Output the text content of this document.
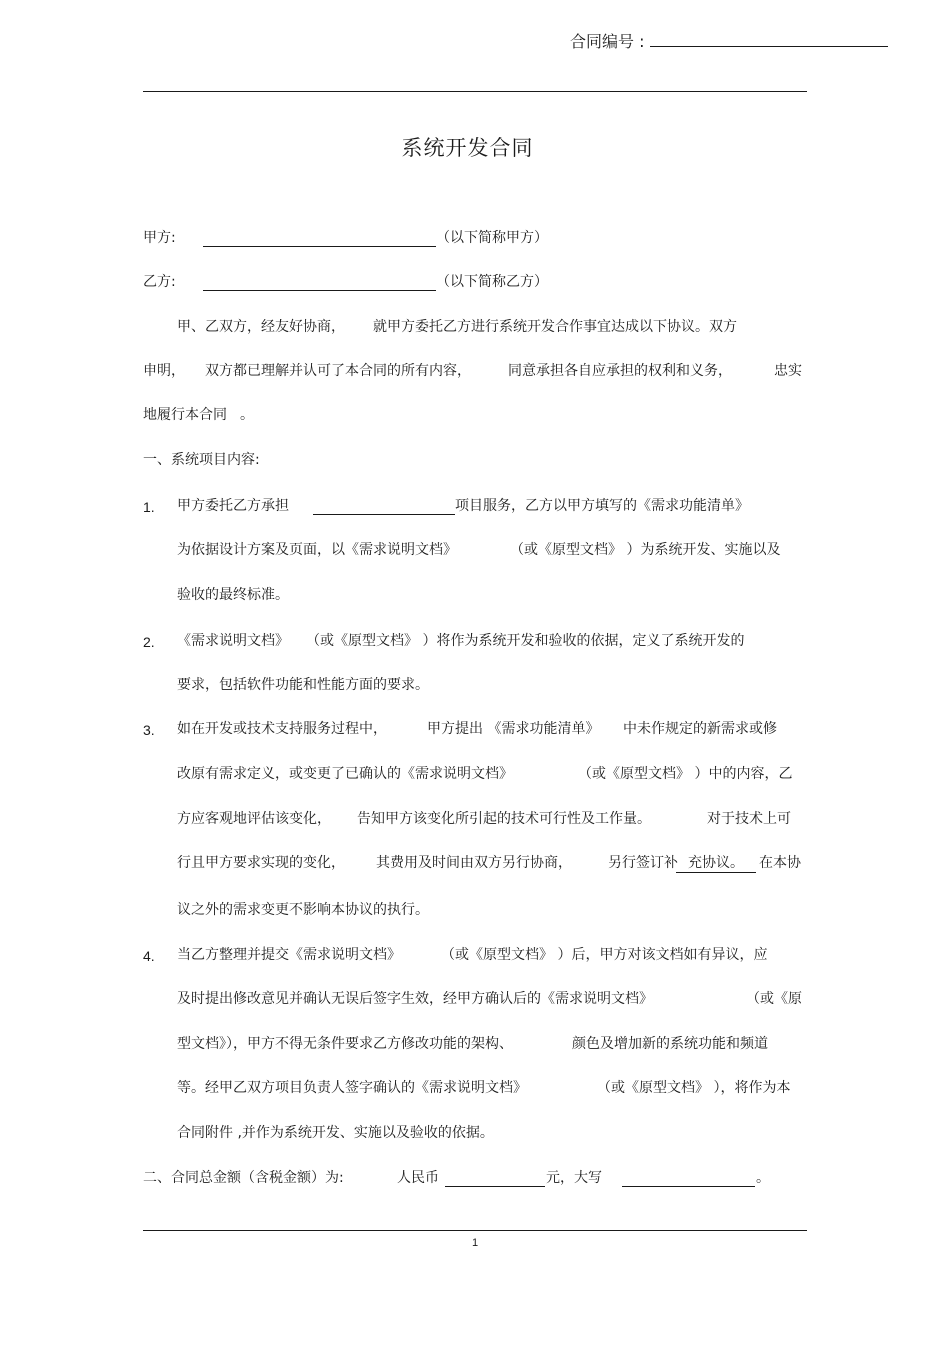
合同编号 :
系统开发合同
甲方:	（以下简称甲方）
乙方:	（以下简称乙方）
甲、乙双方，经友好协商， 就甲方委托乙方进行系统开发合作事宜达成以下协议。双方
申明， 双方都已理解并认可了本合同的所有内容，	同意承担各自应承担的权利和义务，	忠实
地履行本合同 。
一、系统项目内容:
1. 甲方委托乙方承担	项目服务，乙方以甲方填写的《需求功能清单》
为依据设计方案及页面，以《需求说明文档》	（或《原型文档》 ）为系统开发、实施以及
验收的最终标准。
2. 《需求说明文档》 （或《原型文档》 ）将作为系统开发和验收的依据，定义了系统开发的
要求，包括软件功能和性能方面的要求。
3. 如在开发或技术支持服务过程中，	甲方提出 《需求功能清单》 中未作规定的新需求或修
改原有需求定义，或变更了已确认的《需求说明文档》	（或《原型文档》 ）中的内容，乙
方应客观地评估该变化， 告知甲方该变化所引起的技术可行性及工作量。	对于技术上可
行且甲方要求实现的变化， 其费用及时间由双方另行协商，	另行签订补 充协议。 在本协
议之外的需求变更不影响本协议的执行。
4. 当乙方整理并提交《需求说明文档》	（或《原型文档》 ）后，甲方对该文档如有异议，应
及时提出修改意见并确认无误后签字生效，经甲方确认后的《需求说明文档》	（或《原
型文档》），甲方不得无条件要求乙方修改功能的架构、	颜色及增加新的系统功能和频道
等。经甲乙双方项目负责人签字确认的《需求说明文档》	（或《原型文档》 ），将作为本
合同附件 ,并作为系统开发、实施以及验收的依据。
二、合同总金额（含税金额）为:	人民币	元，大写	。
1
